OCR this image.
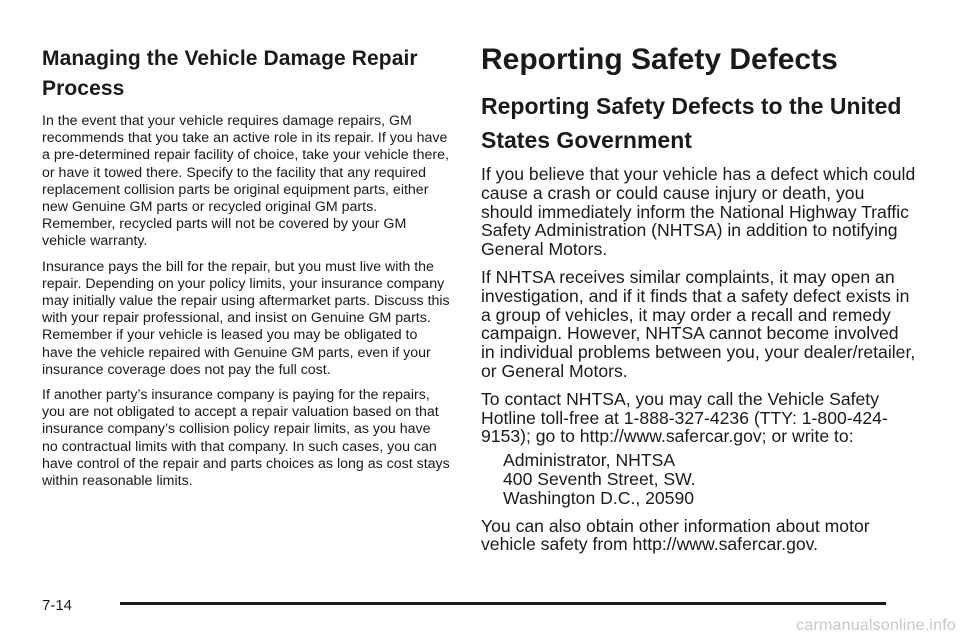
Managing the Vehicle Damage Repair Process

In the event that your vehicle requires damage repairs, GM recommends that you take an active role in its repair. If you have a pre-determined repair facility of choice, take your vehicle there, or have it towed there. Specify to the facility that any required replacement collision parts be original equipment parts, either new Genuine GM parts or recycled original GM parts. Remember, recycled parts will not be covered by your GM vehicle warranty.

Insurance pays the bill for the repair, but you must live with the repair. Depending on your policy limits, your insurance company may initially value the repair using aftermarket parts. Discuss this with your repair professional, and insist on Genuine GM parts. Remember if your vehicle is leased you may be obligated to have the vehicle repaired with Genuine GM parts, even if your insurance coverage does not pay the full cost.

If another party’s insurance company is paying for the repairs, you are not obligated to accept a repair valuation based on that insurance company’s collision policy repair limits, as you have no contractual limits with that company. In such cases, you can have control of the repair and parts choices as long as cost stays within reasonable limits.

Reporting Safety Defects
Reporting Safety Defects to the United States Government

If you believe that your vehicle has a defect which could cause a crash or could cause injury or death, you should immediately inform the National Highway Traffic Safety Administration (NHTSA) in addition to notifying General Motors.

If NHTSA receives similar complaints, it may open an investigation, and if it finds that a safety defect exists in a group of vehicles, it may order a recall and remedy campaign. However, NHTSA cannot become involved in individual problems between you, your dealer/retailer, or General Motors.

To contact NHTSA, you may call the Vehicle Safety Hotline toll-free at 1-888-327-4236 (TTY: 1-800-424-9153); go to http://www.safercar.gov; or write to:

Administrator, NHTSA
400 Seventh Street, SW.
Washington D.C., 20590

You can also obtain other information about motor vehicle safety from http://www.safercar.gov.

7-14
carmanualsonline.info
